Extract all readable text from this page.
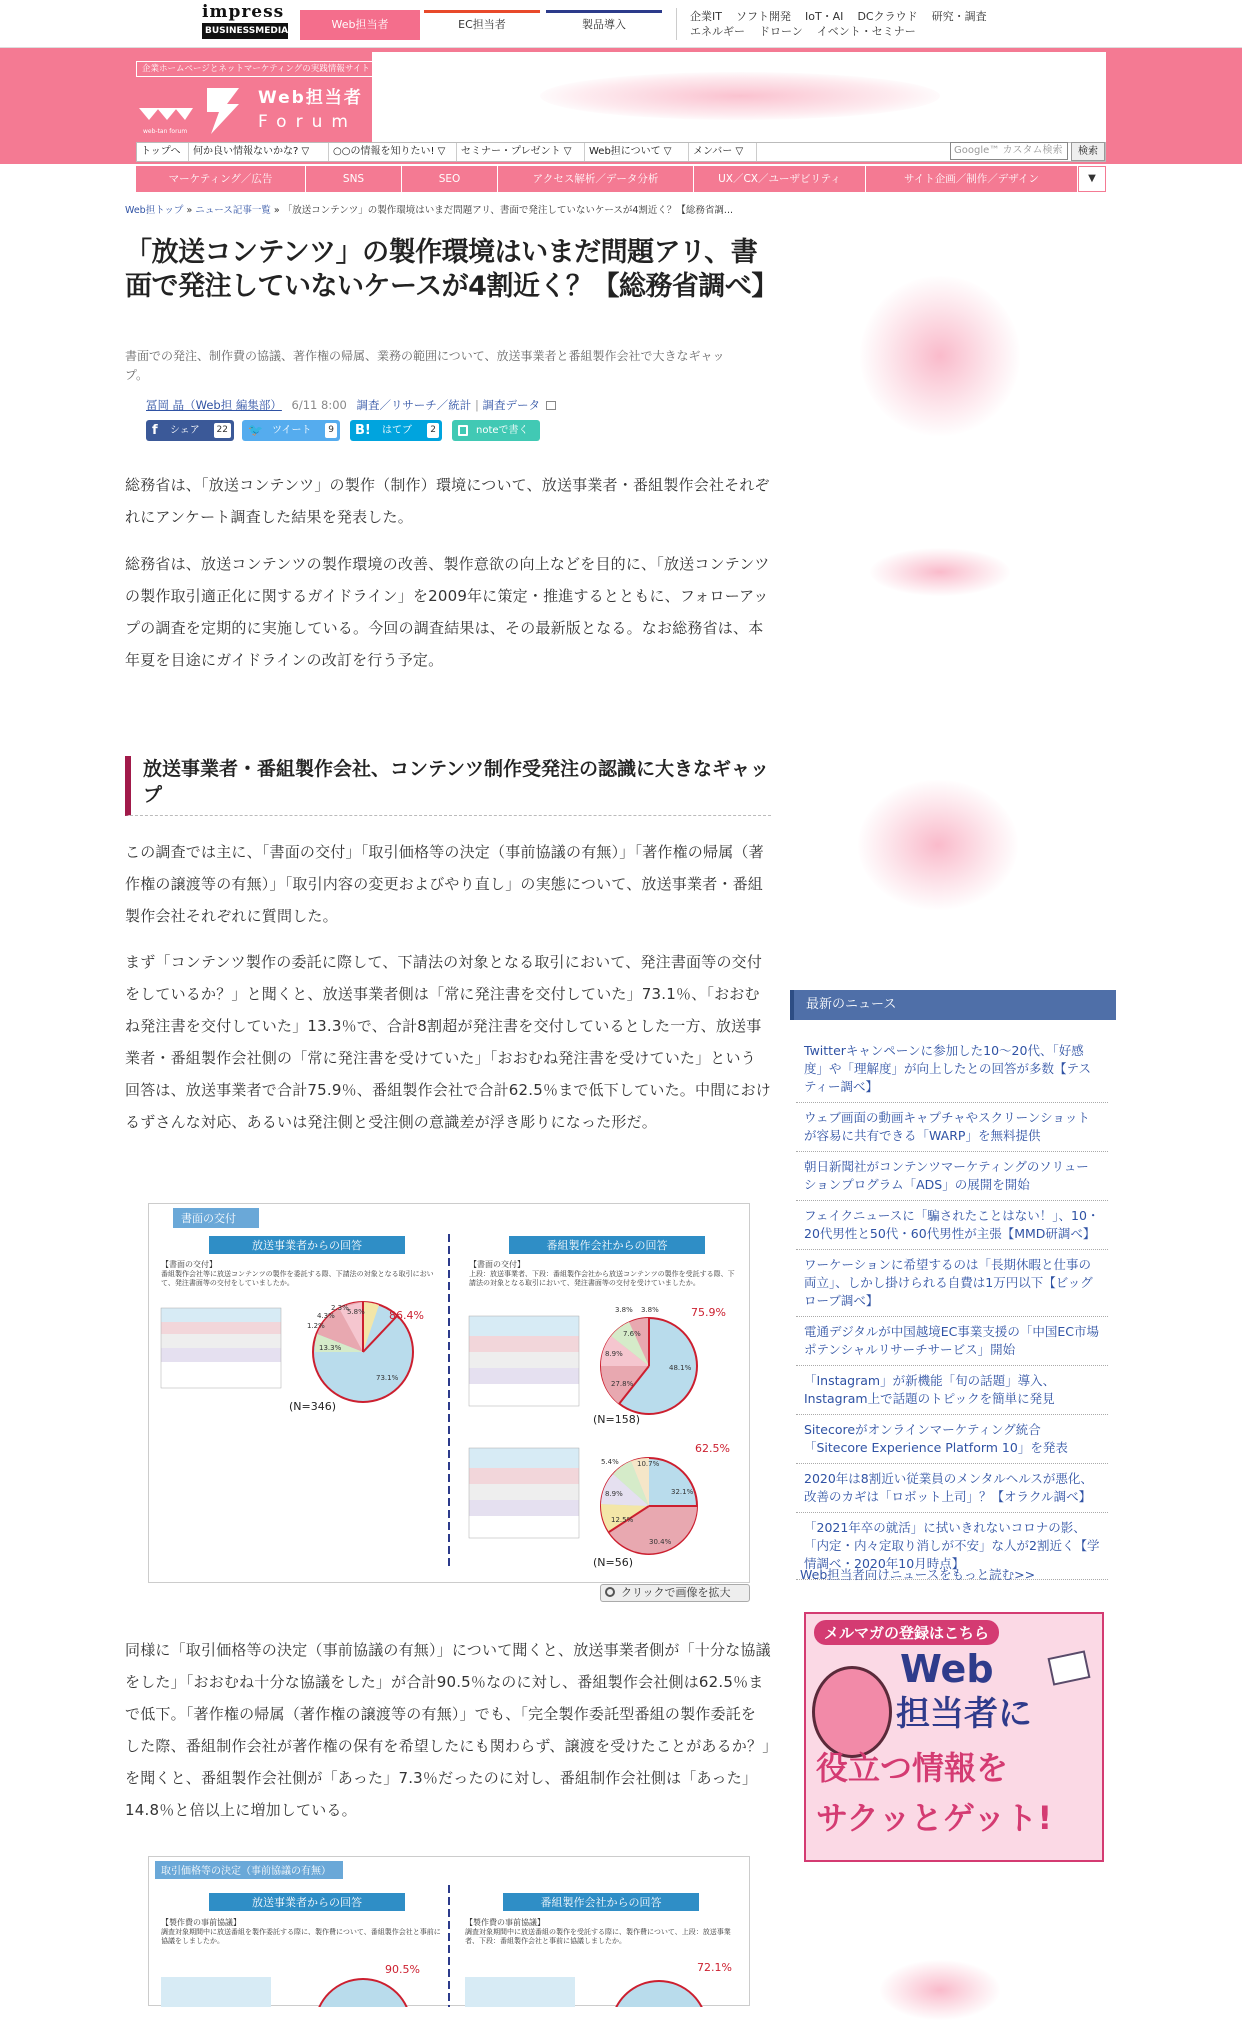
impress
BUSINESSMEDIA	Web担当者	EC担当者	製品導入
企業IT ソフト開発 IoT・AI DCクラウド 研究・調査
エネルギー ドローン イベント・セミナー
企業ホームページとネットマーケティングの実践情報サイト
Web担当者
Forum
web-tan forum
トップへ	何か良い情報ないかな? ▽	○○の情報を知りたい! ▽	セミナー・プレゼント ▽	Web担について ▽	メンバー ▽	Google™ カスタム検索	検索
マーケティング／広告	SNS	SEO	アクセス解析／データ分析	UX／CX／ユーザビリティ	サイト企画／制作／デザイン	▼
Web担トップ » ニュース記事一覧 » 「放送コンテンツ」の製作環境はいまだ問題アリ、書面で発注していないケースが4割近く？【総務省調...
「放送コンテンツ」の製作環境はいまだ問題アリ、書面で発注していないケースが4割近く？【総務省調べ】
書面での発注、制作費の協議、著作権の帰属、業務の範囲について、放送事業者と番組製作会社で大きなギャップ。
冨岡 晶（Web担 編集部） 6/11 8:00 調査／リサーチ／統計 | 調査データ
f シェア	22 🐦 ツイート	9 B! はてブ	2	noteで書く
総務省は、「放送コンテンツ」の製作（制作）環境について、放送事業者・番組製作会社それぞれにアンケート調査した結果を発表した。
総務省は、放送コンテンツの製作環境の改善、製作意欲の向上などを目的に、「放送コンテンツの製作取引適正化に関するガイドライン」を2009年に策定・推進するとともに、フォローアップの調査を定期的に実施している。今回の調査結果は、その最新版となる。なお総務省は、本年夏を目途にガイドラインの改訂を行う予定。
放送事業者・番組製作会社、コンテンツ制作受発注の認識に大きなギャップ
この調査では主に、「書面の交付」「取引価格等の決定（事前協議の有無）」「著作権の帰属（著作権の譲渡等の有無）」「取引内容の変更およびやり直し」の実態について、放送事業者・番組製作会社それぞれに質問した。
まず「コンテンツ製作の委託に際して、下請法の対象となる取引において、発注書面等の交付をしているか？」と聞くと、放送事業者側は「常に発注書を交付していた」73.1％、「おおむね発注書を交付していた」13.3％で、合計8割超が発注書を交付しているとした一方、放送事業者・番組製作会社側の「常に発注書を受けていた」「おおむね発注書を受けていた」という回答は、放送事業者で合計75.9％、番組製作会社で合計62.5％まで低下していた。中間におけるずさんな対応、あるいは発注側と受注側の意識差が浮き彫りになった形だ。
書面の交付
放送事業者からの回答	番組製作会社からの回答
【書面の交付】
番組製作会社等に放送コンテンツの製作を委託する際、下請法の対象となる取引において、発注書面等の交付をしていましたか。
【書面の交付】
上段：放送事業者、下段：番組製作会社から放送コンテンツの製作を受託する際、下請法の対象となる取引において、発注書面等の交付を受けていましたか。
86.4%
73.1%
13.3%
1.2%
4.3%
2.3%
5.8%
(N=346)
75.9%
48.1%
27.8%
8.9%
7.6%
3.8% 3.8%
(N=158)
62.5%
32.1%
30.4%
12.5%
8.9%
5.4%	10.7%
(N=56)
クリックで画像を拡大
同様に「取引価格等の決定（事前協議の有無）」について聞くと、放送事業者側が「十分な協議をした」「おおむね十分な協議をした」が合計90.5％なのに対し、番組製作会社側は62.5％まで低下。「著作権の帰属（著作権の譲渡等の有無）」でも、「完全製作委託型番組の製作委託をした際、番組制作会社が著作権の保有を希望したにも関わらず、譲渡を受けたことがあるか？」を聞くと、番組製作会社側が「あった」7.3％だったのに対し、番組制作会社側は「あった」14.8％と倍以上に増加している。
取引価格等の決定（事前協議の有無）
放送事業者からの回答	番組製作会社からの回答
【製作費の事前協議】
調査対象期間中に放送番組を製作委託する際に、製作費について、番組製作会社と事前に協議をしましたか。
【製作費の事前協議】
調査対象期間中に放送番組の製作を受託する際に、製作費について、上段：放送事業者、下段：番組製作会社と事前に協議しましたか。
90.5%	72.1%
最新のニュース
Twitterキャンペーンに参加した10～20代、「好感度」や「理解度」が向上したとの回答が多数【テスティー調べ】
ウェブ画面の動画キャプチャやスクリーンショットが容易に共有できる「WARP」を無料提供
朝日新聞社がコンテンツマーケティングのソリューションプログラム「ADS」の展開を開始
フェイクニュースに「騙されたことはない！」、10・20代男性と50代・60代男性が主張【MMD研調べ】
ワーケーションに希望するのは「長期休暇と仕事の両立」、しかし掛けられる自費は1万円以下【ビッグローブ調べ】
電通デジタルが中国越境EC事業支援の「中国EC市場 ポテンシャルリサーチサービス」開始
「Instagram」が新機能「旬の話題」導入、Instagram上で話題のトピックを簡単に発見
Sitecoreがオンラインマーケティング統合「Sitecore Experience Platform 10」を発表
2020年は8割近い従業員のメンタルヘルスが悪化、改善のカギは「ロボット上司」？【オラクル調べ】
「2021年卒の就活」に拭いきれないコロナの影、「内定・内々定取り消しが不安」な人が2割近く【学情調べ・2020年10月時点】
Web担当者向けニュースをもっと読む>>
メルマガの登録はこちら
Web
担当者に
役立つ情報を
サクッとゲット!
